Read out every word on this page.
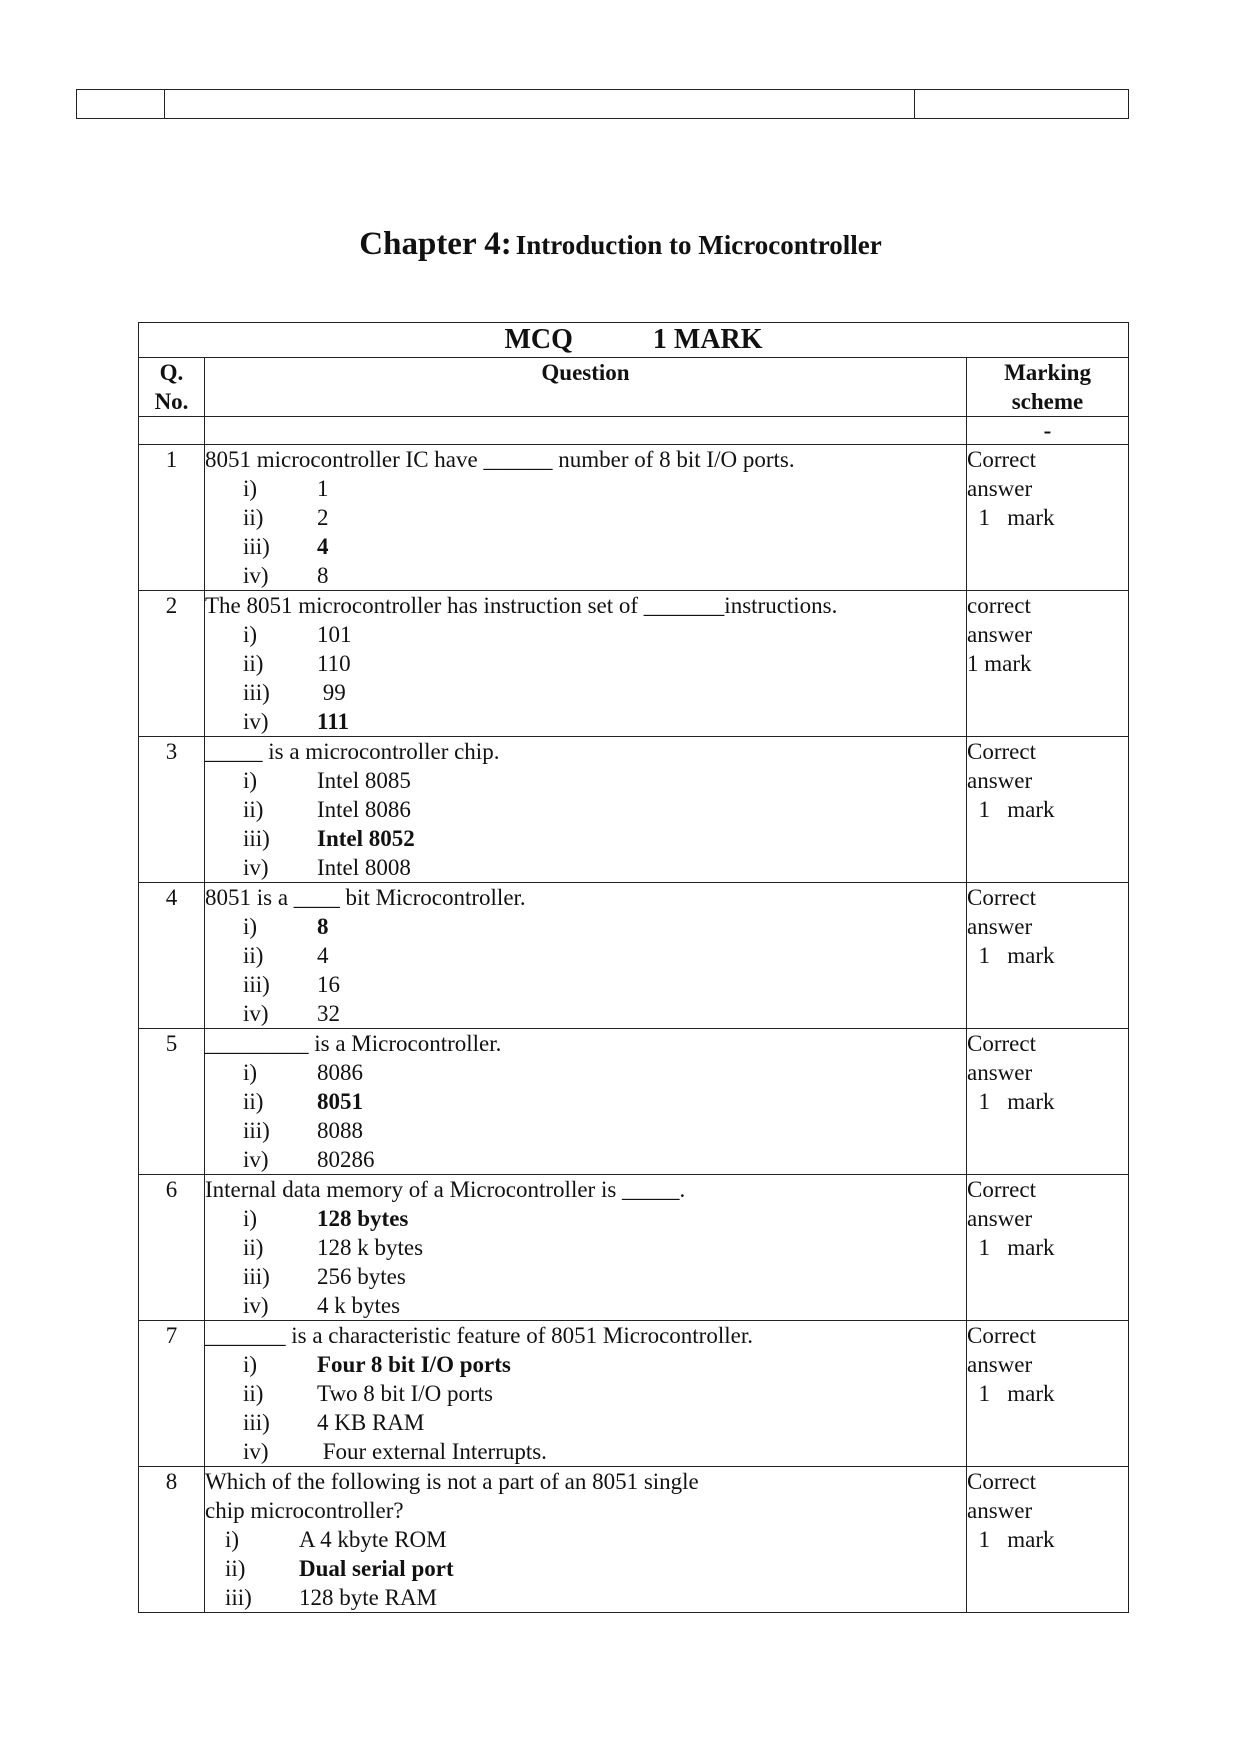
Chapter 4: Introduction to Microcontroller
MCQ 1 MARK		

Q.
No.	Question	Marking
scheme

		-
1	8051 microcontroller IC have ______ number of 8 bit I/O ports.
i) 1
ii) 2
iii) 4
iv) 8	Correct
answer
1   mark

2	The 8051 microcontroller has instruction set of _______instructions.
i) 101
ii) 110
iii) 99
iv) 111	correct
answer
1 mark

3	_____ is a microcontroller chip.
i) Intel 8085
ii) Intel 8086
iii) Intel 8052
iv) Intel 8008	Correct
answer
1   mark

4	8051 is a ____ bit Microcontroller.
i) 8
ii) 4
iii) 16
iv) 32	Correct
answer
1   mark

5	_________ is a Microcontroller.
i) 8086
ii) 8051
iii) 8088
iv) 80286	Correct
answer
1   mark

6	Internal data memory of a Microcontroller is _____.
i) 128 bytes
ii) 128 k bytes
iii) 256 bytes
iv) 4 k bytes	Correct
answer
1   mark

7	_______ is a characteristic feature of 8051 Microcontroller.
i) Four 8 bit I/O ports
ii) Two 8 bit I/O ports
iii) 4 KB RAM
iv) Four external Interrupts.	Correct
answer
1   mark

8	Which of the following is not a part of an 8051 single chip microcontroller?
i) A 4 kbyte ROM
ii) Dual serial port
iii) 128 byte RAM	Correct
answer
1   mark
